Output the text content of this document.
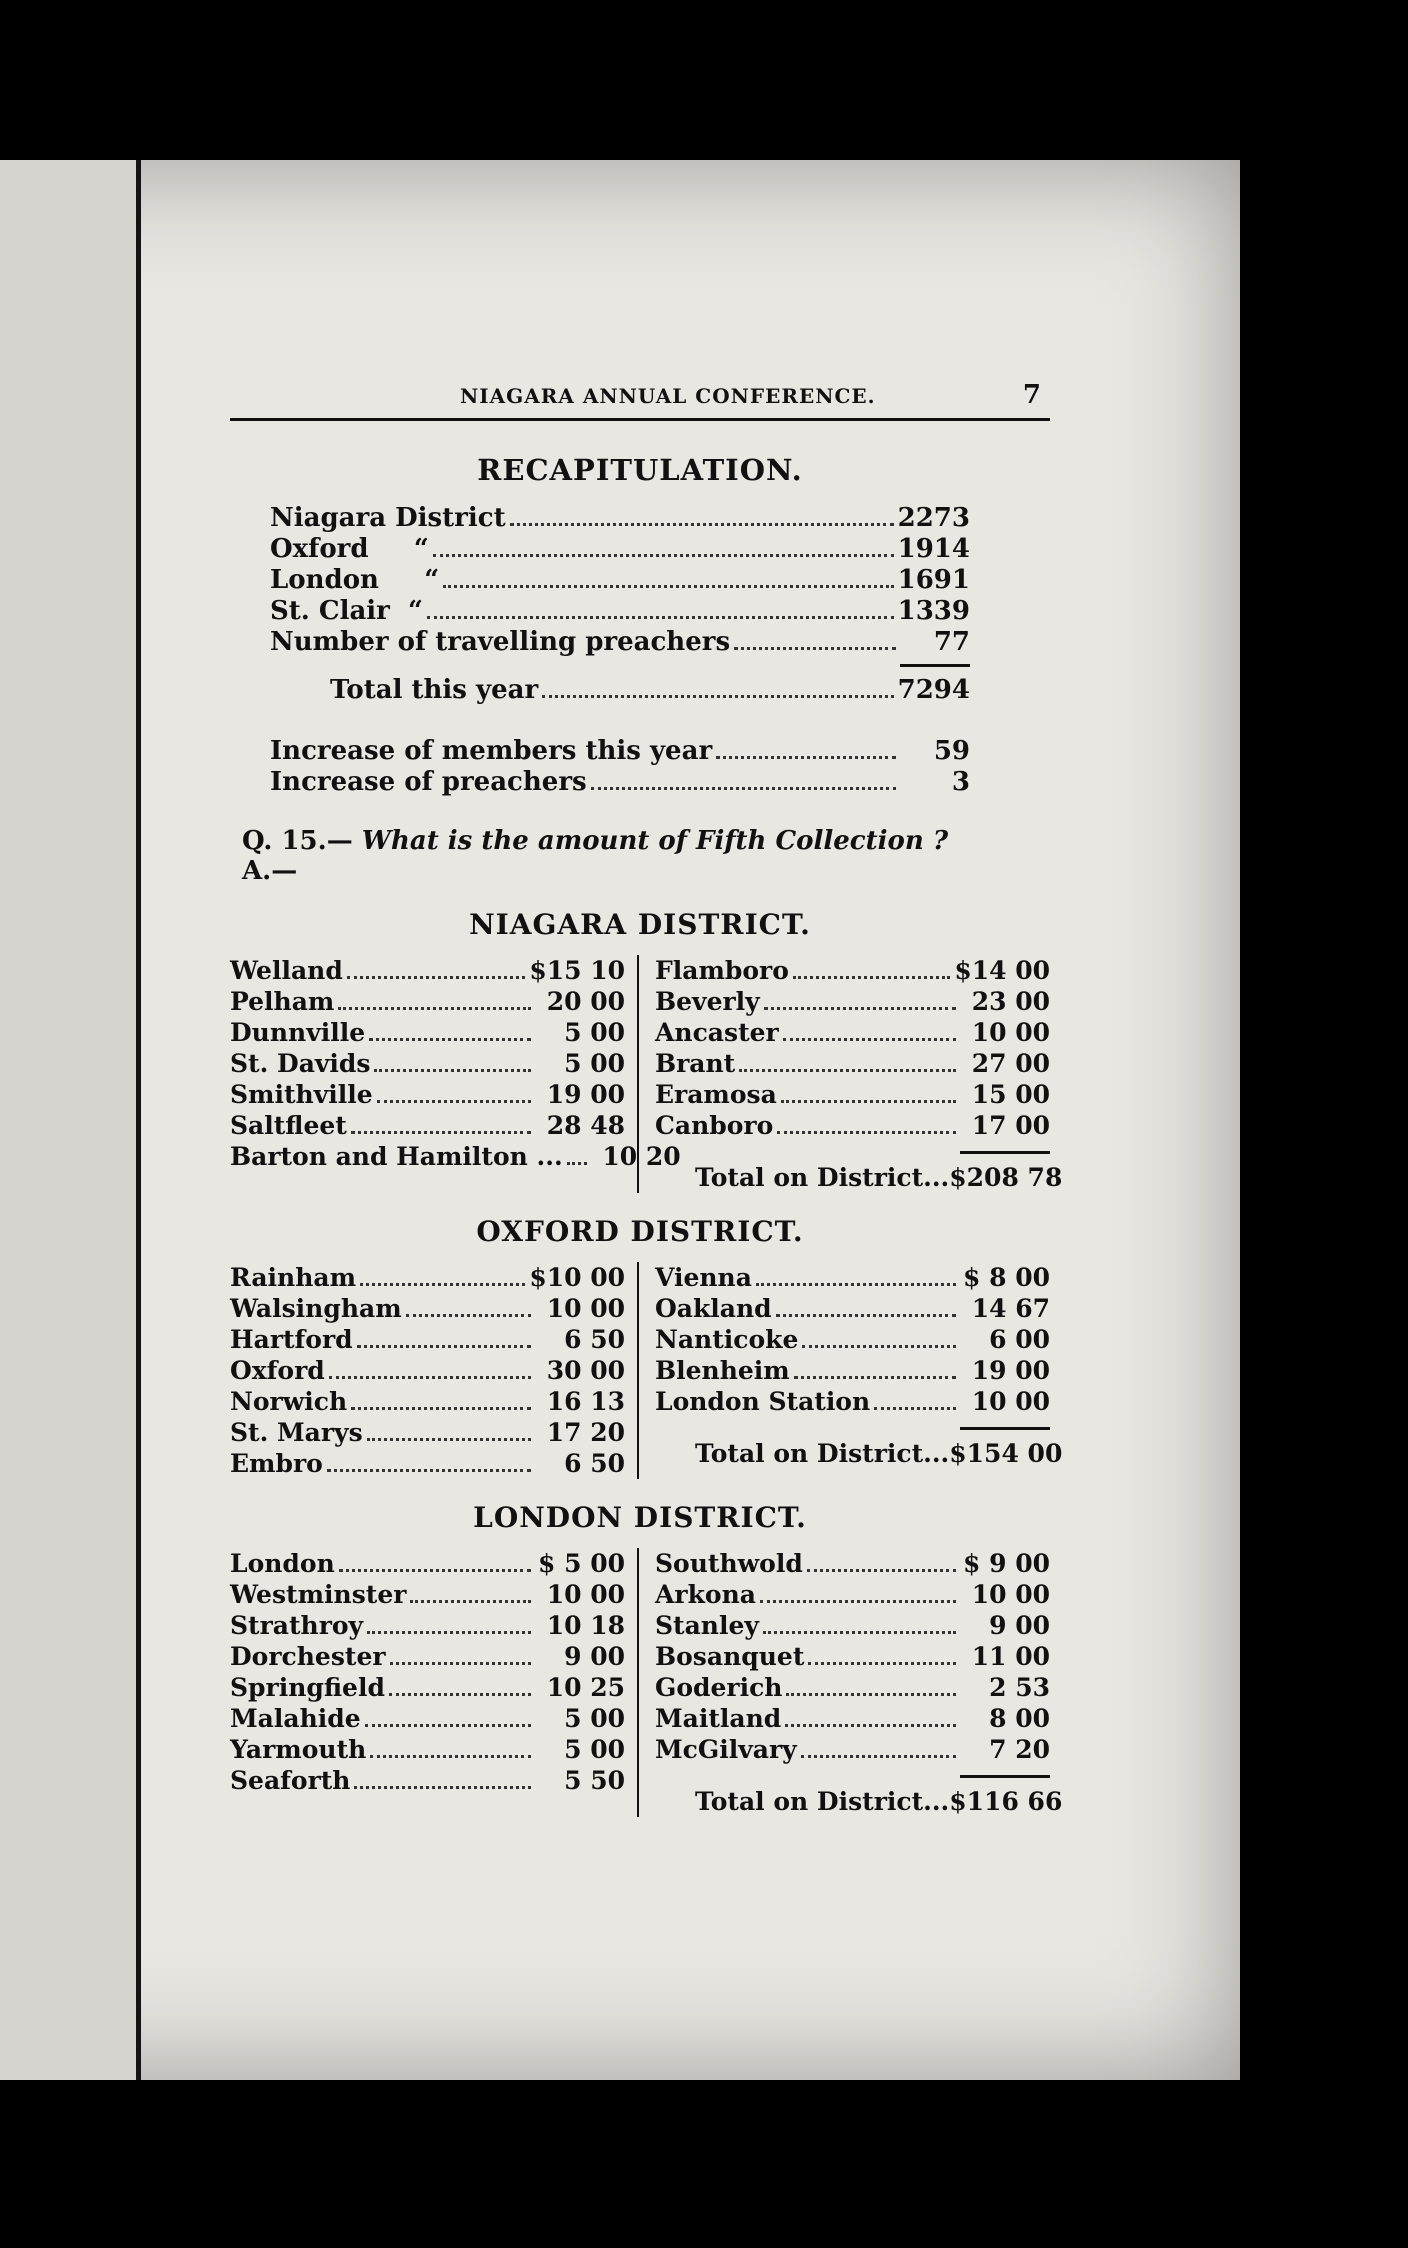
NIAGARA ANNUAL CONFERENCE.	7
RECAPITULATION.
Niagara District	2273
Oxford     “	1914
London     “	1691
St. Clair  “	1339
Number of travelling preachers	77
Total this year	7294
Increase of members this year	59
Increase of preachers	3
Q. 15.— What is the amount of Fifth Collection ?
A.—
NIAGARA DISTRICT.
Welland	$15 10
Pelham	20 00
Dunnville	5 00
St. Davids	5 00
Smithville	19 00
Saltfleet	28 48
Barton and Hamilton ...	10 20
Flamboro	$14 00
Beverly	23 00
Ancaster	10 00
Brant	27 00
Eramosa	15 00
Canboro	17 00
Total on District... $208 78
OXFORD DISTRICT.
Rainham	$10 00
Walsingham	10 00
Hartford	6 50
Oxford	30 00
Norwich	16 13
St. Marys	17 20
Embro	6 50
Vienna	$ 8 00
Oakland	14 67
Nanticoke	6 00
Blenheim	19 00
London Station	10 00
Total on District... $154 00
LONDON DISTRICT.
London	$ 5 00
Westminster	10 00
Strathroy	10 18
Dorchester	9 00
Springfield	10 25
Malahide	5 00
Yarmouth	5 00
Seaforth	5 50
Southwold	$ 9 00
Arkona	10 00
Stanley	9 00
Bosanquet	11 00
Goderich	2 53
Maitland	8 00
McGilvary	7 20
Total on District... $116 66
